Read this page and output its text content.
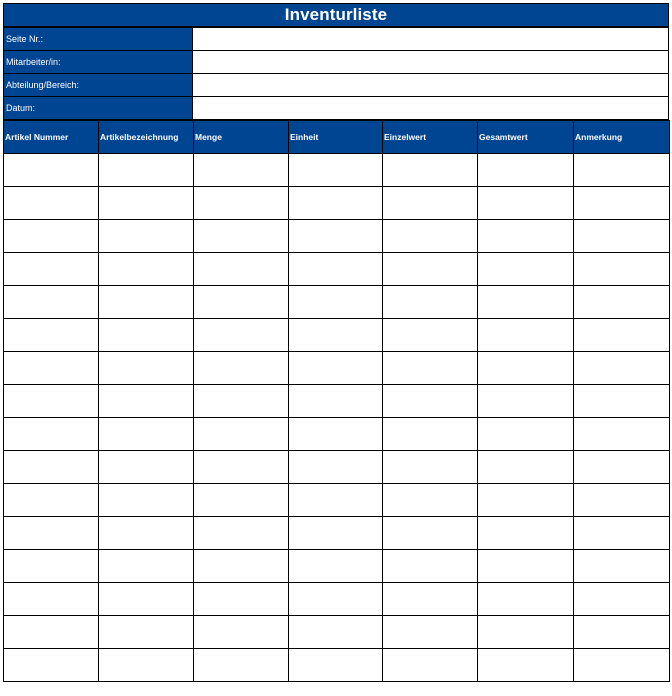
Inventurliste
Seite Nr.:	
Mitarbeiter/in:	
Abteilung/Bereich:	
Datum:	
Artikel Nummer	Artikelbezeichnung	Menge	Einheit	Einzelwert	Gesamtwert	Anmerkung
